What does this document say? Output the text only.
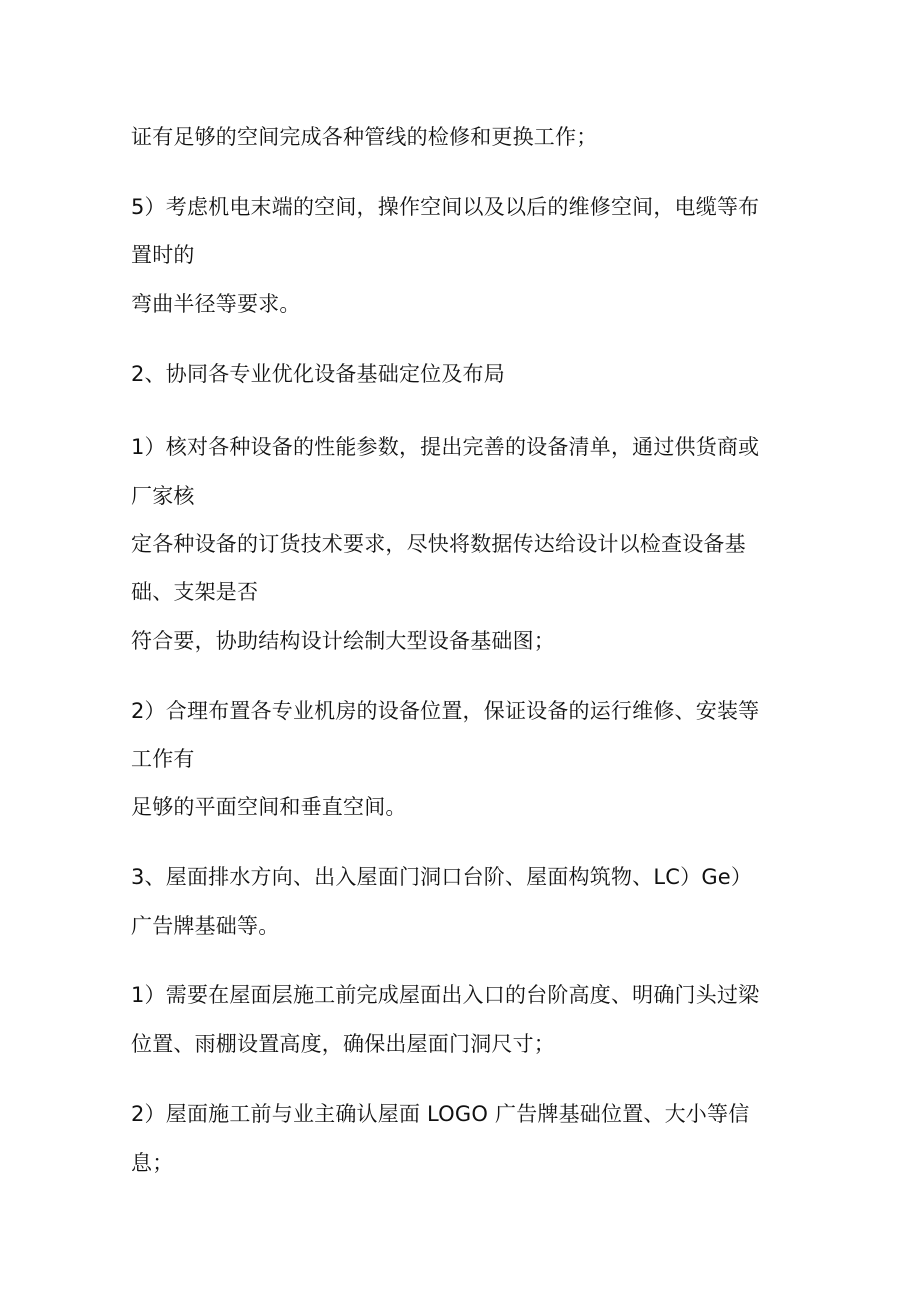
证有足够的空间完成各种管线的检修和更换工作；
5）考虑机电末端的空间，操作空间以及以后的维修空间，电缆等布
置时的
弯曲半径等要求。
2、协同各专业优化设备基础定位及布局
1）核对各种设备的性能参数，提出完善的设备清单，通过供货商或
厂家核
定各种设备的订货技术要求，尽快将数据传达给设计以检查设备基
础、支架是否
符合要，协助结构设计绘制大型设备基础图；
2）合理布置各专业机房的设备位置，保证设备的运行维修、安装等
工作有
足够的平面空间和垂直空间。
3、屋面排水方向、出入屋面门洞口台阶、屋面构筑物、LC）Ge）
广告牌基础等。
1）需要在屋面层施工前完成屋面出入口的台阶高度、明确门头过梁
位置、雨棚设置高度，确保出屋面门洞尺寸；
2）屋面施工前与业主确认屋面 LOGO 广告牌基础位置、大小等信
息；
